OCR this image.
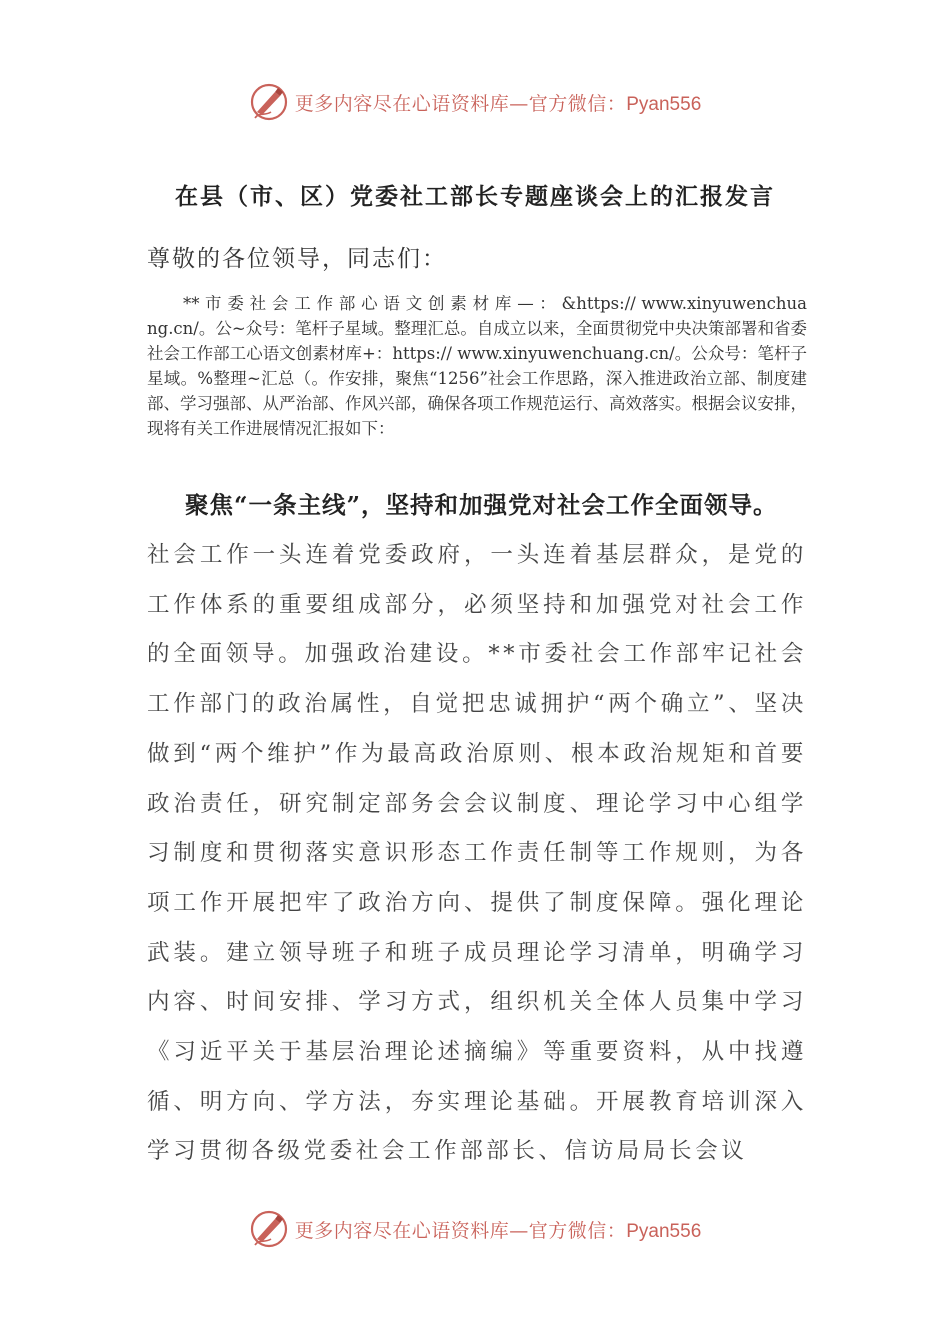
更多内容尽在心语资料库—官方微信：Pyan556
在县（市、区）党委社工部长专题座谈会上的汇报发言

尊敬的各位领导，同志们：

** 市 委 社 会 工 作 部 心 语 文 创 素 材 库 — ： &https:// www.xinyuwenchuang.cn/。公~众号：笔杆子星域。整理汇总。自成立以来，全面贯彻党中央决策部署和省委社会工作部工心语文创素材库+：https:// www.xinyuwenchuang.cn/。公众号：笔杆子星域。%整理~汇总（。作安排，聚焦“1256”社会工作思路，深入推进政治立部、制度建部、学习强部、从严治部、作风兴部，确保各项工作规范运行、高效落实。根据会议安排，现将有关工作进展情况汇报如下：

聚焦“一条主线”，坚持和加强党对社会工作全面领导。

社会工作一头连着党委政府，一头连着基层群众，是党的工作体系的重要组成部分，必须坚持和加强党对社会工作的全面领导。加强政治建设。**市委社会工作部牢记社会工作部门的政治属性，自觉把忠诚拥护“两个确立”、坚决做到“两个维护”作为最高政治原则、根本政治规矩和首要政治责任，研究制定部务会会议制度、理论学习中心组学习制度和贯彻落实意识形态工作责任制等工作规则，为各项工作开展把牢了政治方向、提供了制度保障。强化理论武装。建立领导班子和班子成员理论学习清单，明确学习内容、时间安排、学习方式，组织机关全体人员集中学习《习近平关于基层治理论述摘编》等重要资料，从中找遵循、明方向、学方法，夯实理论基础。开展教育培训深入学习贯彻各级党委社会工作部部长、信访局局长会议

更多内容尽在心语资料库—官方微信：Pyan556
